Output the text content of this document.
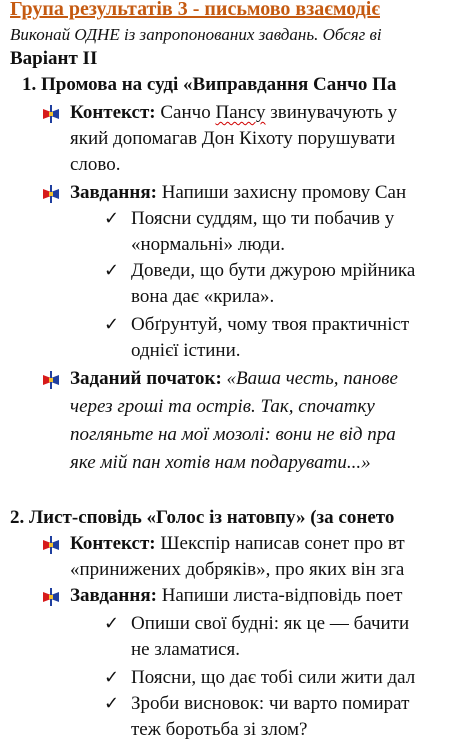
Група результатів 3 - письмово взаємодіє
Виконай ОДНЕ із запропонованих завдань. Обсяг ві
Варіант ІІ
1. Промова на суді «Виправдання Санчо Па
Контекст: Санчо Пансу звинувачують у
який допомагав Дон Кіхоту порушувати
слово.
Завдання: Напиши захисну промову Сан
✓ Поясни суддям, що ти побачив у
«нормальні» люди.
✓ Доведи, що бути джурою мрійника
вона дає «крила».
✓ Обґрунтуй, чому твоя практичніст
однієї істини.
Заданий початок: «Ваша честь, панове
через гроші та острів. Так, спочатку
погляньте на мої мозолі: вони не від пра
яке мій пан хотів нам подарувати...»
2. Лист-сповідь «Голос із натовпу» (за сонето
Контекст: Шекспір написав сонет про вт
«принижених добряків», про яких він зга
Завдання: Напиши листа-відповідь поет
✓ Опиши свої будні: як це — бачити
не зламатися.
✓ Поясни, що дає тобі сили жити дал
✓ Зроби висновок: чи варто помират
теж боротьба зі злом?
